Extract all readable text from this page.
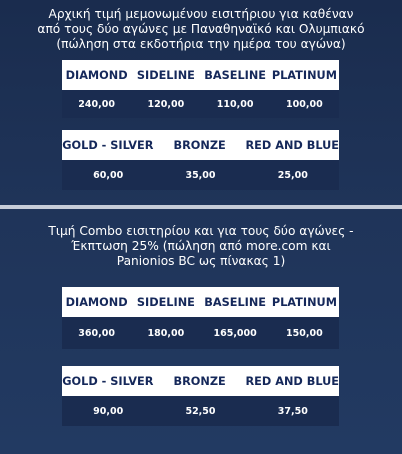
Αρχική τιμή μεμονωμένου εισιτήριου για καθέναν
από τους δύο αγώνες με Παναθηναϊκό και Ολυμπιακό
(πώληση στα εκδοτήρια την ημέρα του αγώνα)
DIAMOND SIDELINE BASELINE PLATINUM
240,00	120,00	110,00	100,00
GOLD - SILVER	BRONZE	RED AND BLUE
60,00	35,00	25,00
Τιμή Combo εισιτηρίου και για τους δύο αγώνες -
Έκπτωση 25% (πώληση από more.com και
Panionios BC ως πίνακας 1)
DIAMOND SIDELINE BASELINE PLATINUM
360,00	180,00	165,000	150,00
GOLD - SILVER	BRONZE	RED AND BLUE
90,00	52,50	37,50
